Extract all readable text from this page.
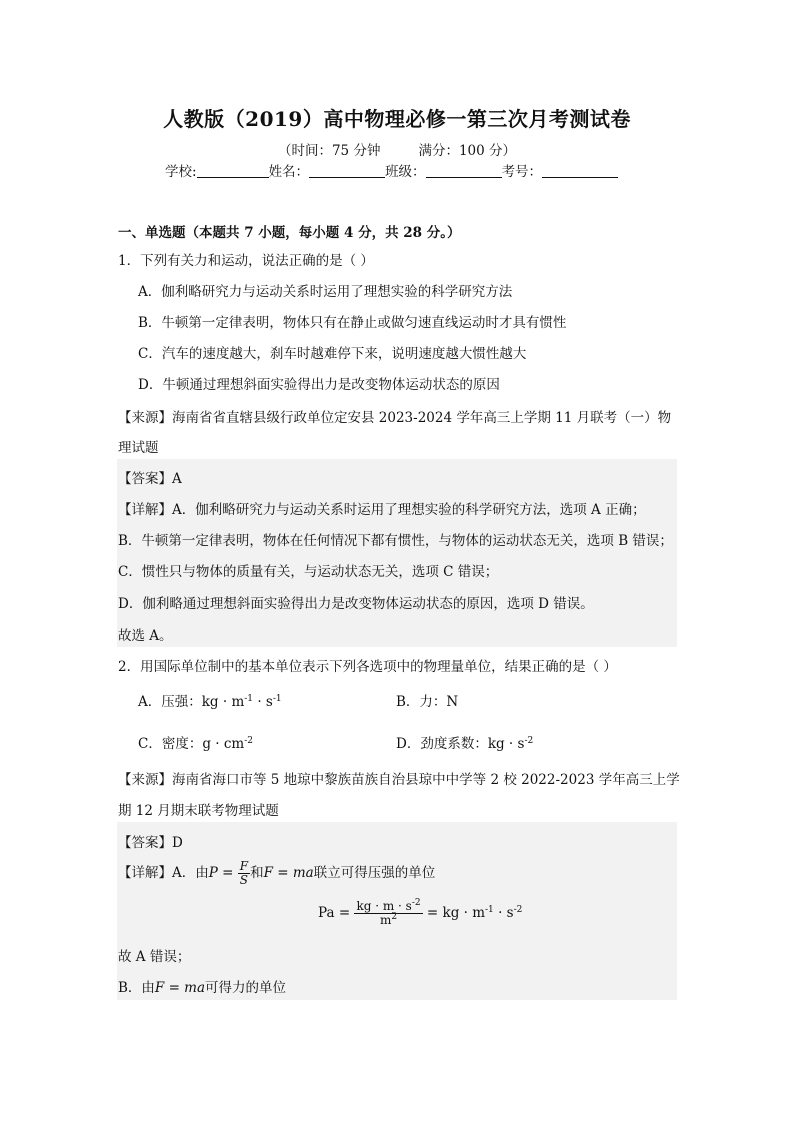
人教版（2019）高中物理必修一第三次月考测试卷
（时间：75 分钟	满分：100 分）
学校:	姓名：	班级：	考号：
一、单选题（本题共 7 小题，每小题 4 分，共 28 分。）
1．下列有关力和运动，说法正确的是（ ）
A．伽利略研究力与运动关系时运用了理想实验的科学研究方法
B．牛顿第一定律表明，物体只有在静止或做匀速直线运动时才具有惯性
C．汽车的速度越大，刹车时越难停下来，说明速度越大惯性越大
D．牛顿通过理想斜面实验得出力是改变物体运动状态的原因
【来源】海南省省直辖县级行政单位定安县 2023-2024 学年高三上学期 11 月联考（一）物
理试题
【答案】A
【详解】A．伽利略研究力与运动关系时运用了理想实验的科学研究方法，选项 A 正确；
B．牛顿第一定律表明，物体在任何情况下都有惯性，与物体的运动状态无关，选项 B 错误；
C．惯性只与物体的质量有关，与运动状态无关，选项 C 错误；
D．伽利略通过理想斜面实验得出力是改变物体运动状态的原因，选项 D 错误。
故选 A。
2．用国际单位制中的基本单位表示下列各选项中的物理量单位，结果正确的是（ ）
A．压强：kg · $m^{-1} \cdot s^{-1}$	B．力：N
C．密度：$g \cdot cm^{-2}$	D．劲度系数：kg · $s^{-2}$
【来源】海南省海口市等 5 地琼中黎族苗族自治县琼中中学等 2 校 2022-2023 学年高三上学
期 12 月期末联考物理试题
【答案】D
【详解】A．由$P = \frac{F}{S}$ 和F = ma联立可得压强的单位
$Pa = \frac{kg \cdot m \cdot s^{-2}}{m^2}$ = kg · $m^{-1} \cdot s^{-2}$
故 A 错误；
B．由F = ma可得力的单位
